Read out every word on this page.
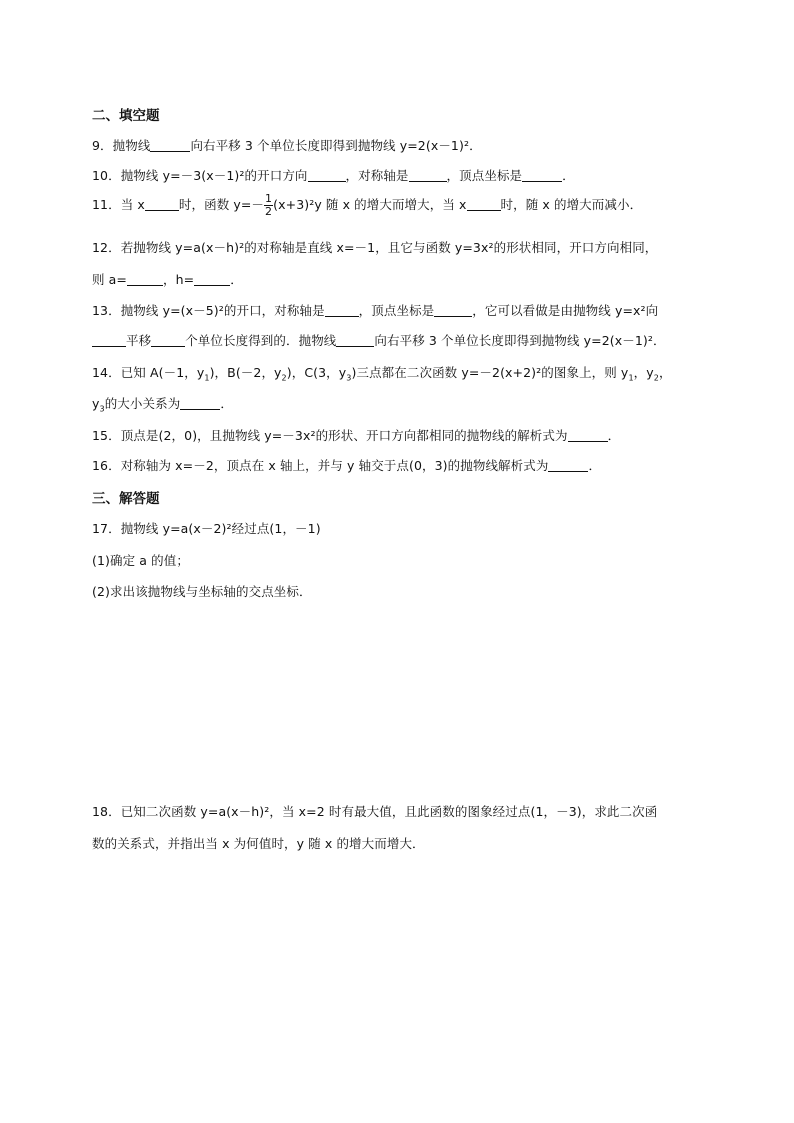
二、填空题
9．抛物线	向右平移 3 个单位长度即得到抛物线 y=2(x－1)²．
10．抛物线 y=－3(x－1)²的开口方向	，对称轴是	，顶点坐标是	．
11．当 x	时，函数 $y=- \frac{1}{2} (x+3)^2y$ 随 x 的增大而增大，当 x	时，随 x 的增大而减小．
12．若抛物线 y=a(x－h)²的对称轴是直线 x=－1，且它与函数 y=3x²的形状相同，开口方向相同，
则 a=	，h=	．
13．抛物线 y=(x－5)²的开口，对称轴是	，顶点坐标是	，它可以看做是由抛物线 y=x²向
平移	个单位长度得到的．抛物线	向右平移 3 个单位长度即得到抛物线 y=2(x－1)²．
14．已知 A(－1，$y_1$)，B(－2，$y_2$)，C(3，$y_3$)三点都在二次函数 y=－2(x+2)²的图象上，则 $y_1$，$y_2$，
$y_3$的大小关系为	．
15．顶点是(2，0)，且抛物线 y=－3x²的形状、开口方向都相同的抛物线的解析式为	．
16．对称轴为 x=－2，顶点在 x 轴上，并与 y 轴交于点(0，3)的抛物线解析式为	．
三、解答题
17．抛物线 y=a(x－2)²经过点(1，－1)
(1)确定 a 的值；
(2)求出该抛物线与坐标轴的交点坐标．
18．已知二次函数 y=a(x－h)²，当 x=2 时有最大值，且此函数的图象经过点(1，－3)，求此二次函
数的关系式，并指出当 x 为何值时，y 随 x 的增大而增大．
